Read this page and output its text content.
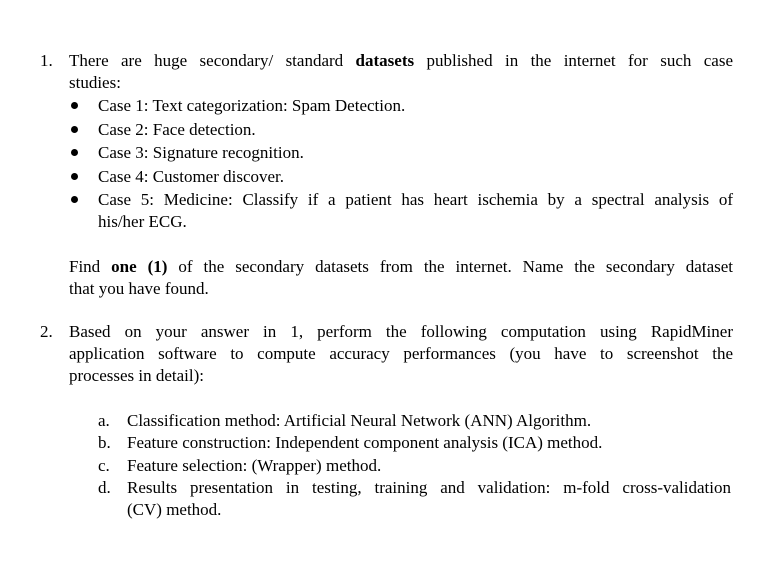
1. There are huge secondary/ standard datasets published in the internet for such case
studies:
Case 1: Text categorization: Spam Detection.
Case 2: Face detection.
Case 3: Signature recognition.
Case 4: Customer discover.
Case 5: Medicine: Classify if a patient has heart ischemia by a spectral analysis of
his/her ECG.
Find one (1) of the secondary datasets from the internet. Name the secondary dataset
that you have found.
2. Based on your answer in 1, perform the following computation using RapidMiner
application software to compute accuracy performances (you have to screenshot the
processes in detail):
a. Classification method: Artificial Neural Network (ANN) Algorithm.
b. Feature construction: Independent component analysis (ICA) method.
c. Feature selection: (Wrapper) method.
d. Results presentation in testing, training and validation: m-fold cross-validation
(CV) method.
